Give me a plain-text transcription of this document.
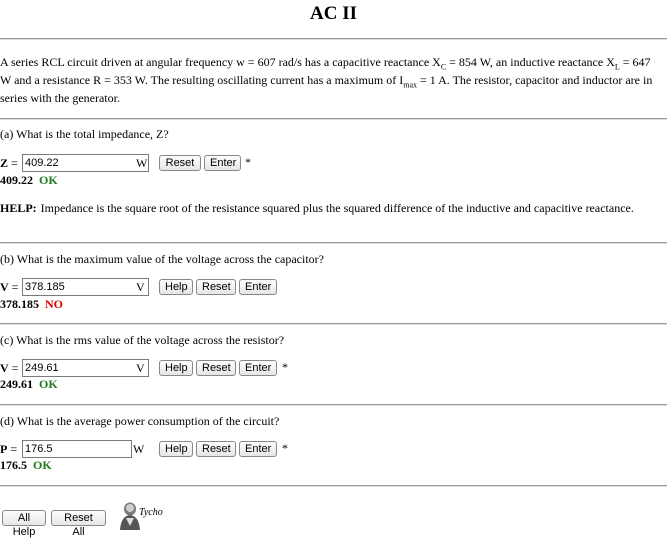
AC II
A series RCL circuit driven at angular frequency w = 607 rad/s has a capacitive reactance $X_C = 854$ W, an inductive reactance $X_L = 647$ W and a resistance R = 353 W. The resulting oscillating current has a maximum of $I_{max} = 1$ A. The resistor, capacitor and inductor are in series with the generator.
(a) What is the total impedance, Z?
Z =
409.22	W	Reset	Enter *
409.22 OK
HELP: Impedance is the square root of the resistance squared plus the squared difference of the inductive and capacitive reactance.
(b) What is the maximum value of the voltage across the capacitor?
V =
378.185	V	Help	Reset	Enter
378.185 NO
(c) What is the rms value of the voltage across the resistor?
V =
249.61	V	Help	Reset	Enter *
249.61 OK
(d) What is the average power consumption of the circuit?
P =
176.5	W	Help	Reset	Enter *
176.5 OK
All Help
Reset All
Tycho
